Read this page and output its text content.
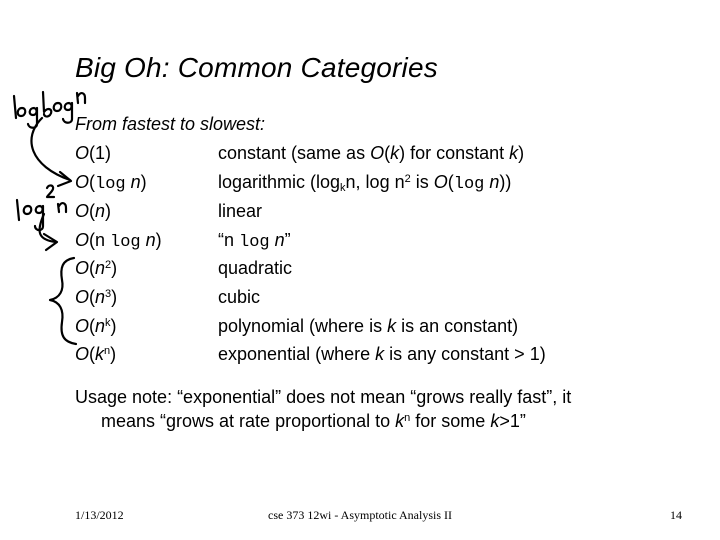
Big Oh: Common Categories
From fastest to slowest:
O(1)	constant (same as O(k) for constant k)
O(log n)	logarithmic ($\log_kn$, $\log n^2$ is O(log n))
O(n)	linear
O(n log n)	“n log n”
$O(n^2)$	quadratic
$O(n^3)$	cubic
$O(n^k)$	polynomial (where is k is an constant)
$O(k^n)$	exponential (where k is any constant > 1)
Usage note: “exponential” does not mean “grows really fast”, it
means “grows at rate proportional to $k^n$ for some k>1”
1/13/2012	cse 373 12wi - Asymptotic Analysis II	14
